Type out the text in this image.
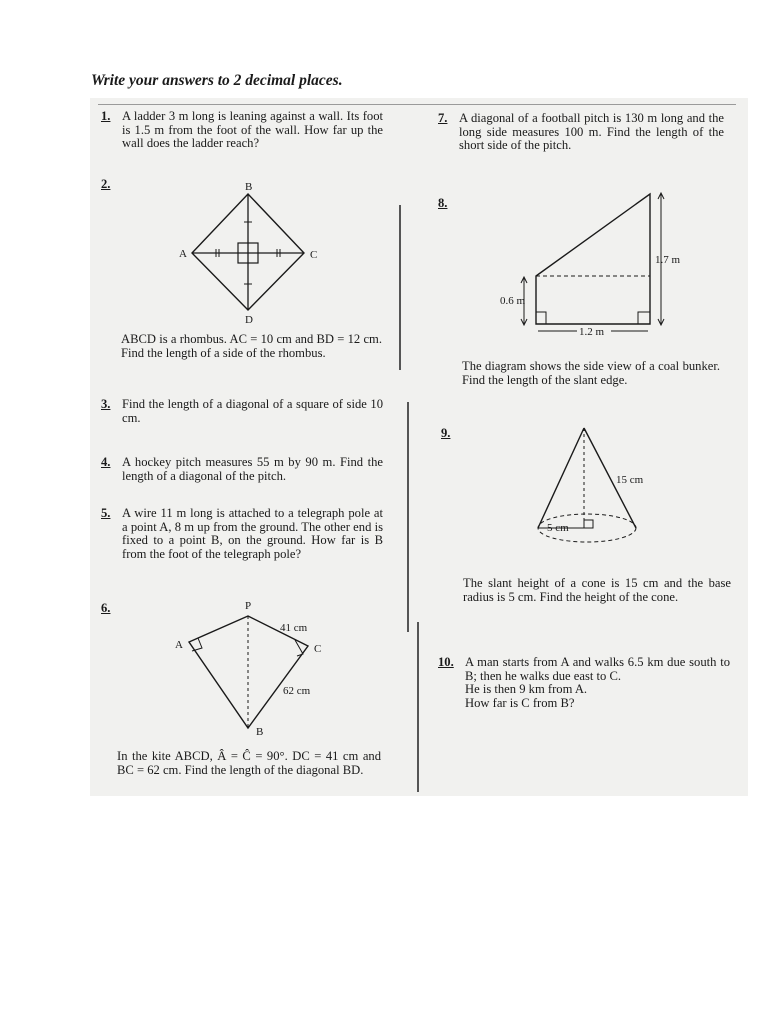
Write your answers to 2 decimal places.
1. A ladder 3 m long is leaning against a wall. Its foot is 1.5 m from the foot of the wall. How far up the wall does the ladder reach?
2.	B
A	C
D
ABCD is a rhombus. AC = 10 cm and BD = 12 cm. Find the length of a side of the rhombus.
3. Find the length of a diagonal of a square of side 10 cm.
4. A hockey pitch measures 55 m by 90 m. Find the length of a diagonal of the pitch.
5. A wire 11 m long is attached to a telegraph pole at a point A, 8 m up from the ground. The other end is fixed to a point B, on the ground. How far is B from the foot of the telegraph pole?
6.	P
A	C
B
41 cm
62 cm
In the kite ABCD, Â = Ĉ = 90°. DC = 41 cm and BC = 62 cm. Find the length of the diagonal BD.
7. A diagonal of a football pitch is 130 m long and the long side measures 100 m. Find the length of the short side of the pitch.
8.
1.7 m
0.6 m
1.2 m
The diagram shows the side view of a coal bunker. Find the length of the slant edge.
9.
15 cm
5 cm
The slant height of a cone is 15 cm and the base radius is 5 cm. Find the height of the cone.
10. A man starts from A and walks 6.5 km due south to B; then he walks due east to C.
He is then 9 km from A.
How far is C from B?
